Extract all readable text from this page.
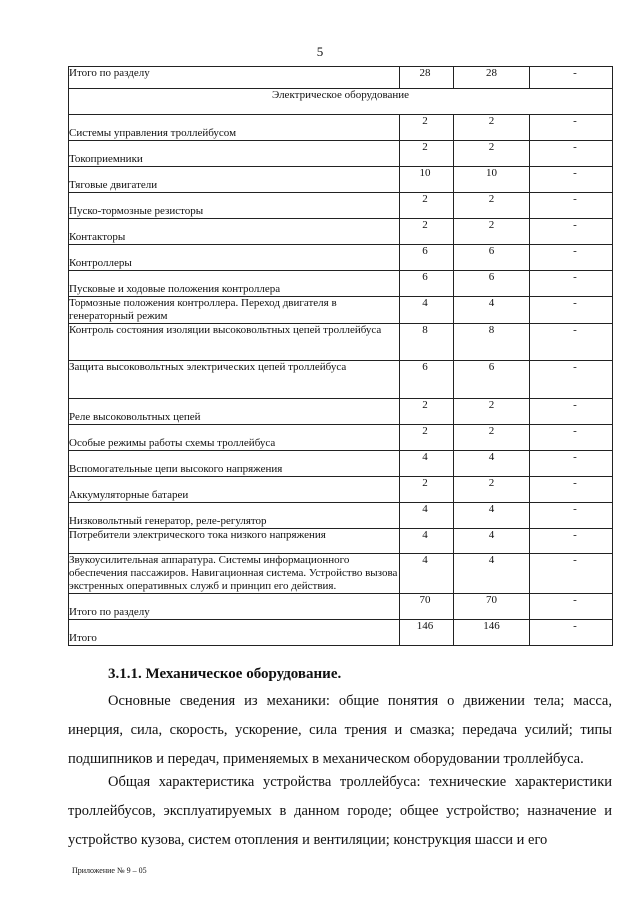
5
Итого по разделу	28	28	-
Электрическое оборудование			
Системы управления троллейбусом	2	2	-
Токоприемники	2	2	-
Тяговые двигатели	10	10	-
Пуско-тормозные резисторы	2	2	-
Контакторы	2	2	-
Контроллеры	6	6	-
Пусковые и ходовые положения контроллера	6	6	-
Тормозные положения контроллера. Переход двигателя в генераторный режим	4	4	-
Контроль состояния изоляции высоковольтных цепей троллейбуса	8	8	-
Защита высоковольтных электрических цепей троллейбуса	6	6	-
Реле высоковольтных цепей	2	2	-
Особые режимы работы схемы троллейбуса	2	2	-
Вспомогательные цепи высокого напряжения	4	4	-
Аккумуляторные батареи	2	2	-
Низковольтный генератор, реле-регулятор	4	4	-
Потребители электрического тока низкого напряжения	4	4	-
Звукоусилительная аппаратура. Системы информационного обеспечения пассажиров. Навигационная система. Устройство вызова экстренных оперативных служб и принцип его действия.	4	4	-
Итого по разделу	70	70	-
Итого	146	146	-
3.1.1. Механическое оборудование.
Основные сведения из механики: общие понятия о движении тела; масса, инерция, сила, скорость, ускорение, сила трения и смазка; передача усилий; типы подшипников и передач, применяемых в механическом оборудовании троллейбуса.
Общая характеристика устройства троллейбуса: технические характеристики троллейбусов, эксплуатируемых в данном городе; общее устройство; назначение и устройство кузова, систем отопления и вентиляции; конструкция шасси и его
Приложение № 9 – 05
